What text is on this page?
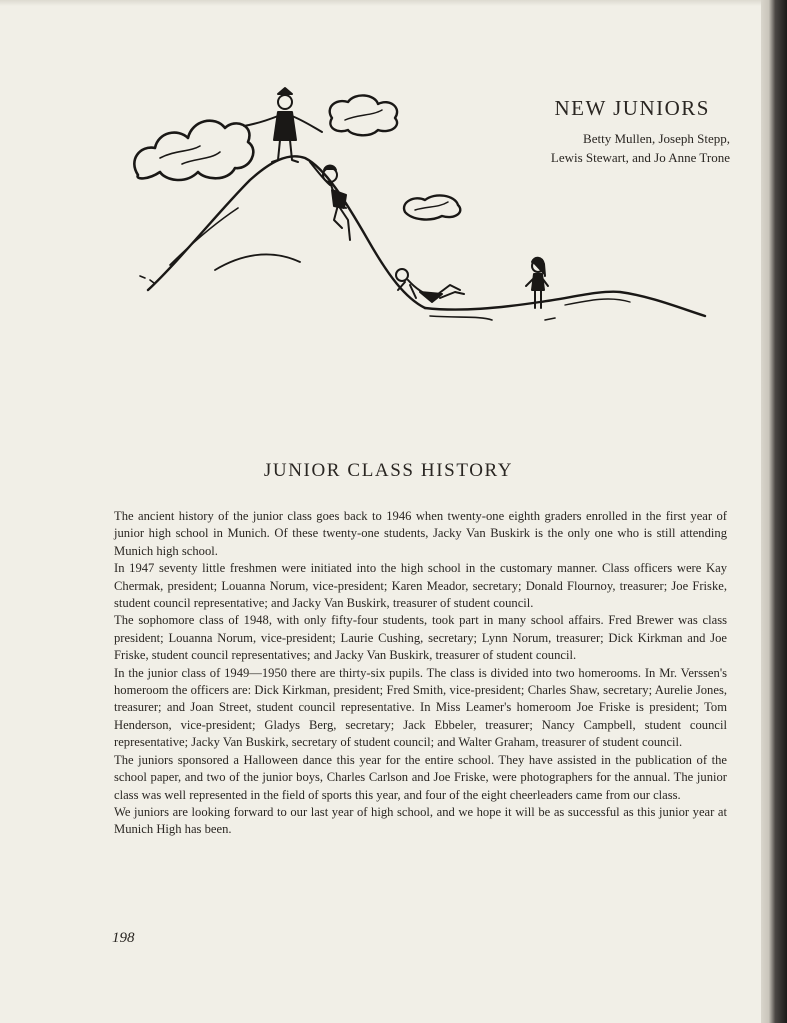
NEW JUNIORS

Betty Mullen, Joseph Stepp,
Lewis Stewart, and Jo Anne Trone

JUNIOR CLASS HISTORY

The ancient history of the junior class goes back to 1946 when twenty-one eighth graders enrolled in the first year of junior high school in Munich. Of these twenty-one students, Jacky Van Buskirk is the only one who is still attending Munich high school.

In 1947 seventy little freshmen were initiated into the high school in the customary manner. Class officers were Kay Chermak, president; Louanna Norum, vice-president; Karen Meador, secretary; Donald Flournoy, treasurer; Joe Friske, student council representative; and Jacky Van Buskirk, treasurer of student council.

The sophomore class of 1948, with only fifty-four students, took part in many school affairs. Fred Brewer was class president; Louanna Norum, vice-president; Laurie Cushing, secretary; Lynn Norum, treasurer; Dick Kirkman and Joe Friske, student council representatives; and Jacky Van Buskirk, treasurer of student council.

In the junior class of 1949—1950 there are thirty-six pupils. The class is divided into two homerooms. In Mr. Verssen's homeroom the officers are: Dick Kirkman, president; Fred Smith, vice-president; Charles Shaw, secretary; Aurelie Jones, treasurer; and Joan Street, student council representative. In Miss Leamer's homeroom Joe Friske is president; Tom Henderson, vice-president; Gladys Berg, secretary; Jack Ebbeler, treasurer; Nancy Campbell, student council representative; Jacky Van Buskirk, secretary of student council; and Walter Graham, treasurer of student council.

The juniors sponsored a Halloween dance this year for the entire school. They have assisted in the publication of the school paper, and two of the junior boys, Charles Carlson and Joe Friske, were photographers for the annual. The junior class was well represented in the field of sports this year, and four of the eight cheerleaders came from our class.

We juniors are looking forward to our last year of high school, and we hope it will be as successful as this junior year at Munich High has been.

198
